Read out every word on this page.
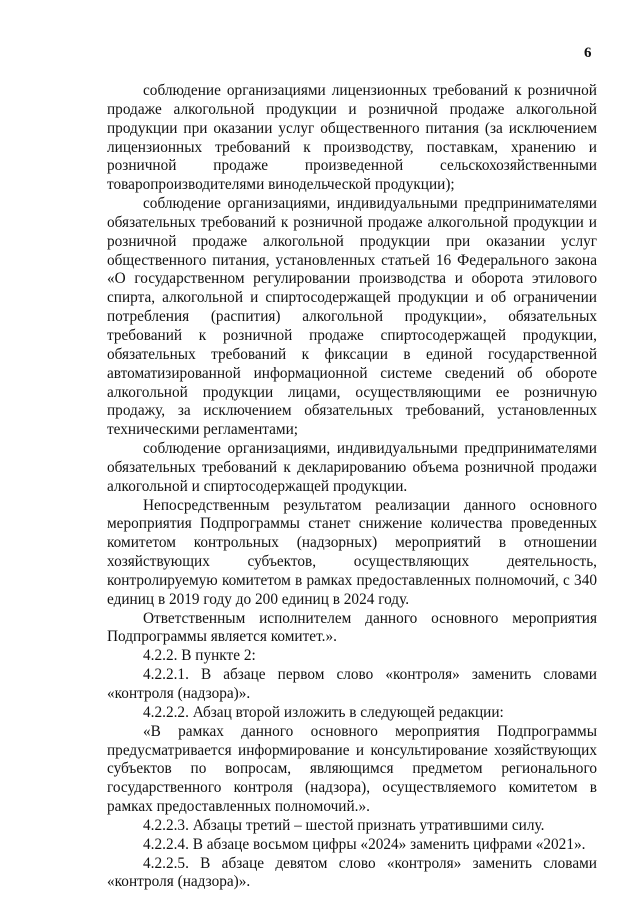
6

соблюдение организациями лицензионных требований к розничной продаже алкогольной продукции и розничной продаже алкогольной продукции при оказании услуг общественного питания (за исключением лицензионных требований к производству, поставкам, хранению и розничной продаже произведенной сельскохозяйственными товаропроизводителями винодельческой продукции);

соблюдение организациями, индивидуальными предпринимателями обязательных требований к розничной продаже алкогольной продукции и розничной продаже алкогольной продукции при оказании услуг общественного питания, установленных статьей 16 Федерального закона «О государственном регулировании производства и оборота этилового спирта, алкогольной и спиртосодержащей продукции и об ограничении потребления (распития) алкогольной продукции», обязательных требований к розничной продаже спиртосодержащей продукции, обязательных требований к фиксации в единой государственной автоматизированной информационной системе сведений об обороте алкогольной продукции лицами, осуществляющими ее розничную продажу, за исключением обязательных требований, установленных техническими регламентами;

соблюдение организациями, индивидуальными предпринимателями обязательных требований к декларированию объема розничной продажи алкогольной и спиртосодержащей продукции.

Непосредственным результатом реализации данного основного мероприятия Подпрограммы станет снижение количества проведенных комитетом контрольных (надзорных) мероприятий в отношении хозяйствующих субъектов, осуществляющих деятельность, контролируемую комитетом в рамках предоставленных полномочий, с 340 единиц в 2019 году до 200 единиц в 2024 году.

Ответственным исполнителем данного основного мероприятия Подпрограммы является комитет.».

4.2.2. В пункте 2:

4.2.2.1. В абзаце первом слово «контроля» заменить словами «контроля (надзора)».

4.2.2.2. Абзац второй изложить в следующей редакции:

«В рамках данного основного мероприятия Подпрограммы предусматривается информирование и консультирование хозяйствующих субъектов по вопросам, являющимся предметом регионального государственного контроля (надзора), осуществляемого комитетом в рамках предоставленных полномочий.».

4.2.2.3. Абзацы третий – шестой признать утратившими силу.

4.2.2.4. В абзаце восьмом цифры «2024» заменить цифрами «2021».

4.2.2.5. В абзаце девятом слово «контроля» заменить словами «контроля (надзора)».
